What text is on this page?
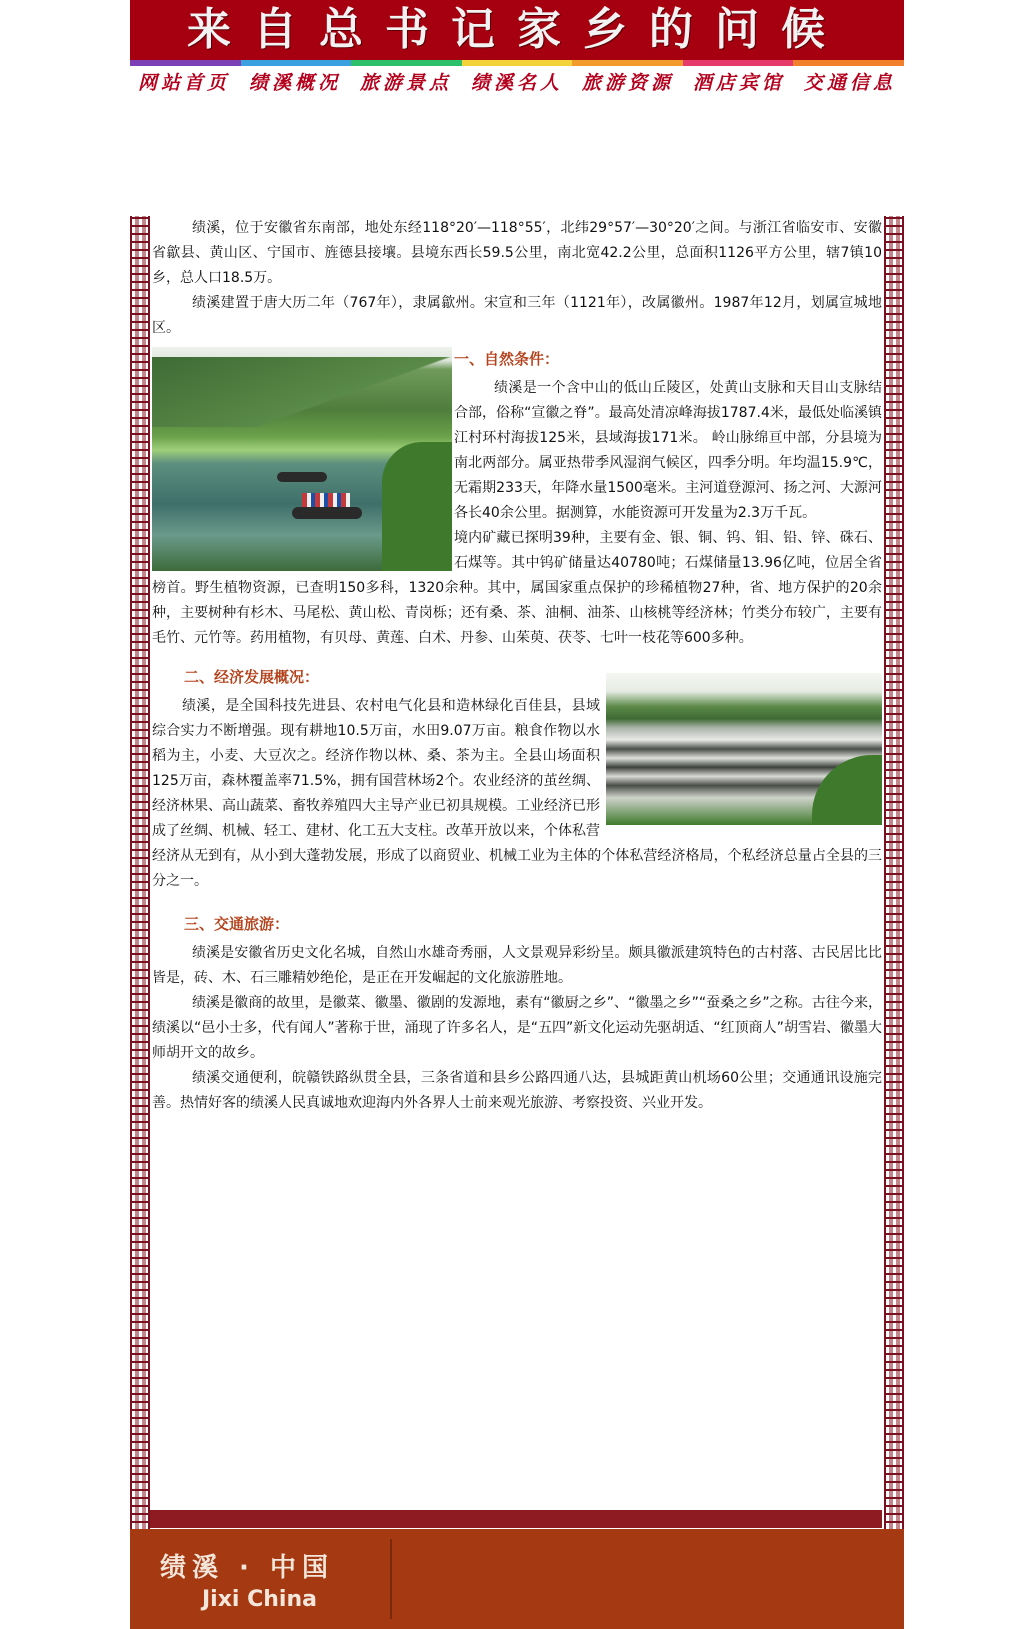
来自总书记家乡的问候
网站首页 绩溪概况 旅游景点 绩溪名人 旅游资源 酒店宾馆 交通信息

绩溪，位于安徽省东南部，地处东经118°20′—118°55′，北纬29°57′—30°20′之间。与浙江省临安市、安徽省歙县、黄山区、宁国市、旌德县接壤。县境东西长59.5公里，南北宽42.2公里，总面积1126平方公里，辖7镇10乡，总人口18.5万。

绩溪建置于唐大历二年（767年），隶属歙州。宋宣和三年（1121年），改属徽州。1987年12月，划属宣城地区。

一、自然条件：

绩溪是一个含中山的低山丘陵区，处黄山支脉和天目山支脉结合部，俗称“宣徽之脊”。最高处清凉峰海拔1787.4米，最低处临溪镇江村环村海拔125米，县域海拔171米。 岭山脉绵亘中部，分县境为南北两部分。属亚热带季风湿润气候区，四季分明。年均温15.9℃，无霜期233天，年降水量1500毫米。主河道登源河、扬之河、大源河各长40余公里。据测算，水能资源可开发量为2.3万千瓦。

境内矿藏已探明39种，主要有金、银、铜、钨、钼、铅、锌、硃石、石煤等。其中钨矿储量达40780吨；石煤储量13.96亿吨，位居全省榜首。野生植物资源，已查明150多科，1320余种。其中，属国家重点保护的珍稀植物27种，省、地方保护的20余种，主要树种有杉木、马尾松、黄山松、青岗栎；还有桑、茶、油桐、油茶、山核桃等经济林；竹类分布较广，主要有毛竹、元竹等。药用植物，有贝母、黄莲、白术、丹参、山茱萸、茯苓、七叶一枝花等600多种。

二、经济发展概况：

绩溪，是全国科技先进县、农村电气化县和造林绿化百佳县，县域综合实力不断增强。现有耕地10.5万亩，水田9.07万亩。粮食作物以水稻为主，小麦、大豆次之。经济作物以林、桑、茶为主。全县山场面积125万亩，森林覆盖率71.5%，拥有国营林场2个。农业经济的茧丝绸、经济林果、高山蔬菜、畜牧养殖四大主导产业已初具规模。工业经济已形成了丝绸、机械、轻工、建材、化工五大支柱。改革开放以来，个体私营经济从无到有，从小到大蓬勃发展，形成了以商贸业、机械工业为主体的个体私营经济格局，个私经济总量占全县的三分之一。

三、交通旅游：

绩溪是安徽省历史文化名城，自然山水雄奇秀丽，人文景观异彩纷呈。颇具徽派建筑特色的古村落、古民居比比皆是，砖、木、石三雕精妙绝伦，是正在开发崛起的文化旅游胜地。

绩溪是徽商的故里，是徽菜、徽墨、徽剧的发源地，素有“徽厨之乡”、“徽墨之乡”“蚕桑之乡”之称。古往今来，绩溪以“邑小士多，代有闻人”著称于世，涌现了许多名人，是“五四”新文化运动先驱胡适、“红顶商人”胡雪岩、徽墨大师胡开文的故乡。

绩溪交通便利，皖赣铁路纵贯全县，三条省道和县乡公路四通八达，县城距黄山机场60公里；交通通讯设施完善。热情好客的绩溪人民真诚地欢迎海内外各界人士前来观光旅游、考察投资、兴业开发。

绩溪 · 中国
Jixi China
